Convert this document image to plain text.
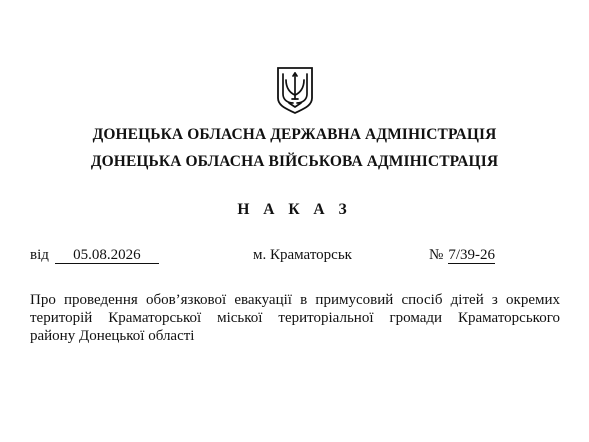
ДОНЕЦЬКА ОБЛАСНА ДЕРЖАВНА АДМІНІСТРАЦІЯ
ДОНЕЦЬКА ОБЛАСНА ВІЙСЬКОВА АДМІНІСТРАЦІЯ
Н А К А З
від 05.08.2026	м. Краматорськ	№ 7/39-26
Про проведення обов’язкової евакуації в примусовий спосіб дітей з окремих
територій Краматорської міської територіальної громади Краматорського
району Донецької області
